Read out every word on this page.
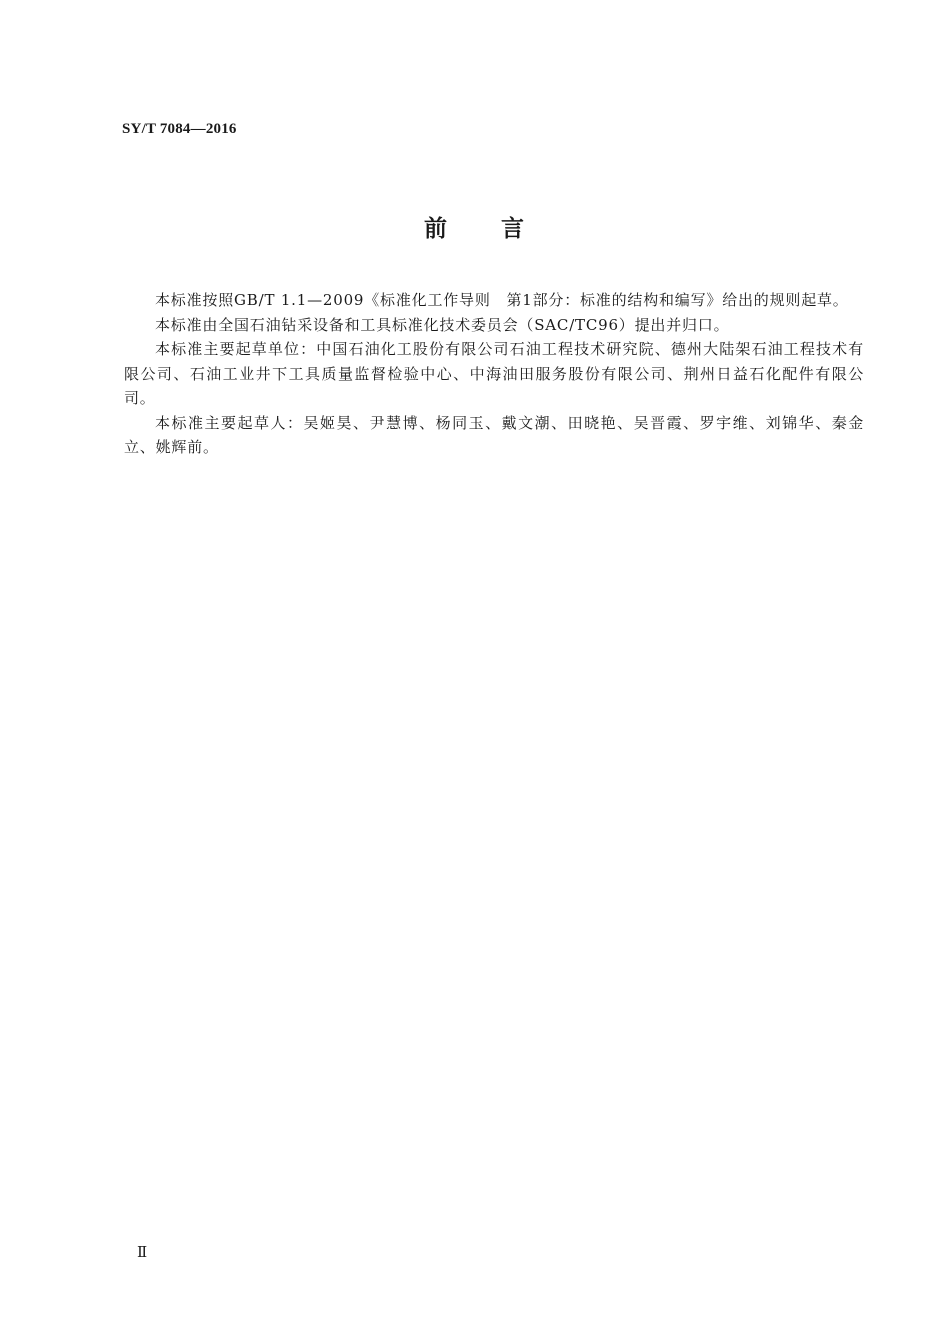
SY/T 7084—2016
前 言

本标准按照GB/T 1.1—2009《标准化工作导则　第1部分：标准的结构和编写》给出的规则起草。

本标准由全国石油钻采设备和工具标准化技术委员会（SAC/TC96）提出并归口。

本标准主要起草单位：中国石油化工股份有限公司石油工程技术研究院、德州大陆架石油工程技术有限公司、石油工业井下工具质量监督检验中心、中海油田服务股份有限公司、荆州日益石化配件有限公司。

本标准主要起草人：吴姬昊、尹慧博、杨同玉、戴文潮、田晓艳、吴晋霞、罗宇维、刘锦华、秦金立、姚辉前。

Ⅱ
